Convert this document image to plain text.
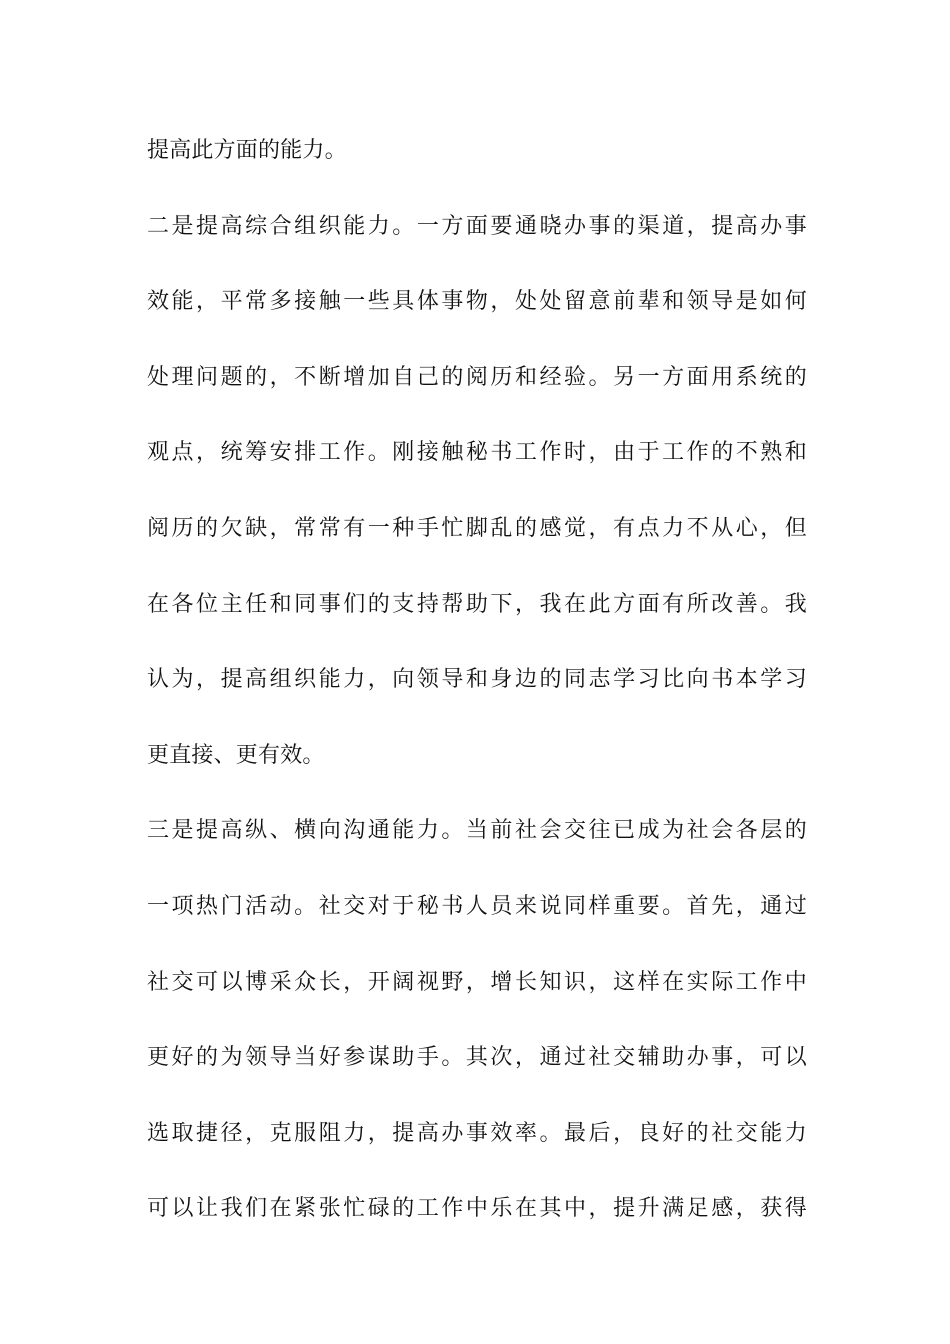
提高此方面的能力。
二是提高综合组织能力。一方面要通晓办事的渠道，提高办事
效能，平常多接触一些具体事物，处处留意前辈和领导是如何
处理问题的，不断增加自己的阅历和经验。另一方面用系统的
观点，统筹安排工作。刚接触秘书工作时，由于工作的不熟和
阅历的欠缺，常常有一种手忙脚乱的感觉，有点力不从心，但
在各位主任和同事们的支持帮助下，我在此方面有所改善。我
认为，提高组织能力，向领导和身边的同志学习比向书本学习
更直接、更有效。
三是提高纵、横向沟通能力。当前社会交往已成为社会各层的
一项热门活动。社交对于秘书人员来说同样重要。首先，通过
社交可以博采众长，开阔视野，增长知识，这样在实际工作中
更好的为领导当好参谋助手。其次，通过社交辅助办事，可以
选取捷径，克服阻力，提高办事效率。最后，良好的社交能力
可以让我们在紧张忙碌的工作中乐在其中，提升满足感，获得
